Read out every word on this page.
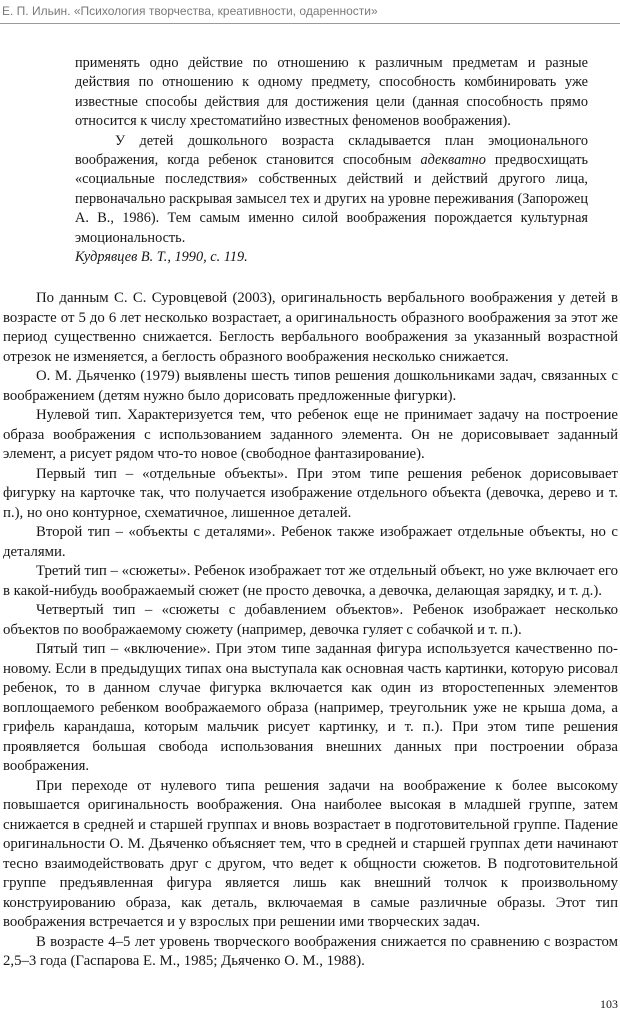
Е. П. Ильин. «Психология творчества, креативности, одаренности»

применять одно действие по отношению к различным предметам и разные действия по отношению к одному предмету, способность комбинировать уже известные способы действия для достижения цели (данная способность прямо относится к числу хрестоматийно известных феноменов воображения).

У детей дошкольного возраста складывается план эмоционального воображения, когда ребенок становится способным адекватно предвосхищать «социальные последствия» собственных действий и действий другого лица, первоначально раскрывая замысел тех и других на уровне переживания (Запорожец А. В., 1986). Тем самым именно силой воображения порождается культурная эмоциональность.

Кудрявцев В. Т., 1990, с. 119.

По данным С. С. Суровцевой (2003), оригинальность вербального воображения у детей в возрасте от 5 до 6 лет несколько возрастает, а оригинальность образного воображения за этот же период существенно снижается. Беглость вербального воображения за указанный возрастной отрезок не изменяется, а беглость образного воображения несколько снижается.

О. М. Дьяченко (1979) выявлены шесть типов решения дошкольниками задач, связанных с воображением (детям нужно было дорисовать предложенные фигурки).

Нулевой тип. Характеризуется тем, что ребенок еще не принимает задачу на построение образа воображения с использованием заданного элемента. Он не дорисовывает заданный элемент, а рисует рядом что-то новое (свободное фантазирование).

Первый тип – «отдельные объекты». При этом типе решения ребенок дорисовывает фигурку на карточке так, что получается изображение отдельного объекта (девочка, дерево и т. п.), но оно контурное, схематичное, лишенное деталей.

Второй тип – «объекты с деталями». Ребенок также изображает отдельные объекты, но с деталями.

Третий тип – «сюжеты». Ребенок изображает тот же отдельный объект, но уже включает его в какой-нибудь воображаемый сюжет (не просто девочка, а девочка, делающая зарядку, и т. д.).

Четвертый тип – «сюжеты с добавлением объектов». Ребенок изображает несколько объектов по воображаемому сюжету (например, девочка гуляет с собачкой и т. п.).

Пятый тип – «включение». При этом типе заданная фигура используется качественно по-новому. Если в предыдущих типах она выступала как основная часть картинки, которую рисовал ребенок, то в данном случае фигурка включается как один из второстепенных элементов воплощаемого ребенком воображаемого образа (например, треугольник уже не крыша дома, а грифель карандаша, которым мальчик рисует картинку, и т. п.). При этом типе решения проявляется большая свобода использования внешних данных при построении образа воображения.

При переходе от нулевого типа решения задачи на воображение к более высокому повышается оригинальность воображения. Она наиболее высокая в младшей группе, затем снижается в средней и старшей группах и вновь возрастает в подготовительной группе. Падение оригинальности О. М. Дьяченко объясняет тем, что в средней и старшей группах дети начинают тесно взаимодействовать друг с другом, что ведет к общности сюжетов. В подготовительной группе предъявленная фигура является лишь как внешний толчок к произвольному конструированию образа, как деталь, включаемая в самые различные образы. Этот тип воображения встречается и у взрослых при решении ими творческих задач.

В возрасте 4–5 лет уровень творческого воображения снижается по сравнению с возрастом 2,5–3 года (Гаспарова Е. М., 1985; Дьяченко О. М., 1988).

103
